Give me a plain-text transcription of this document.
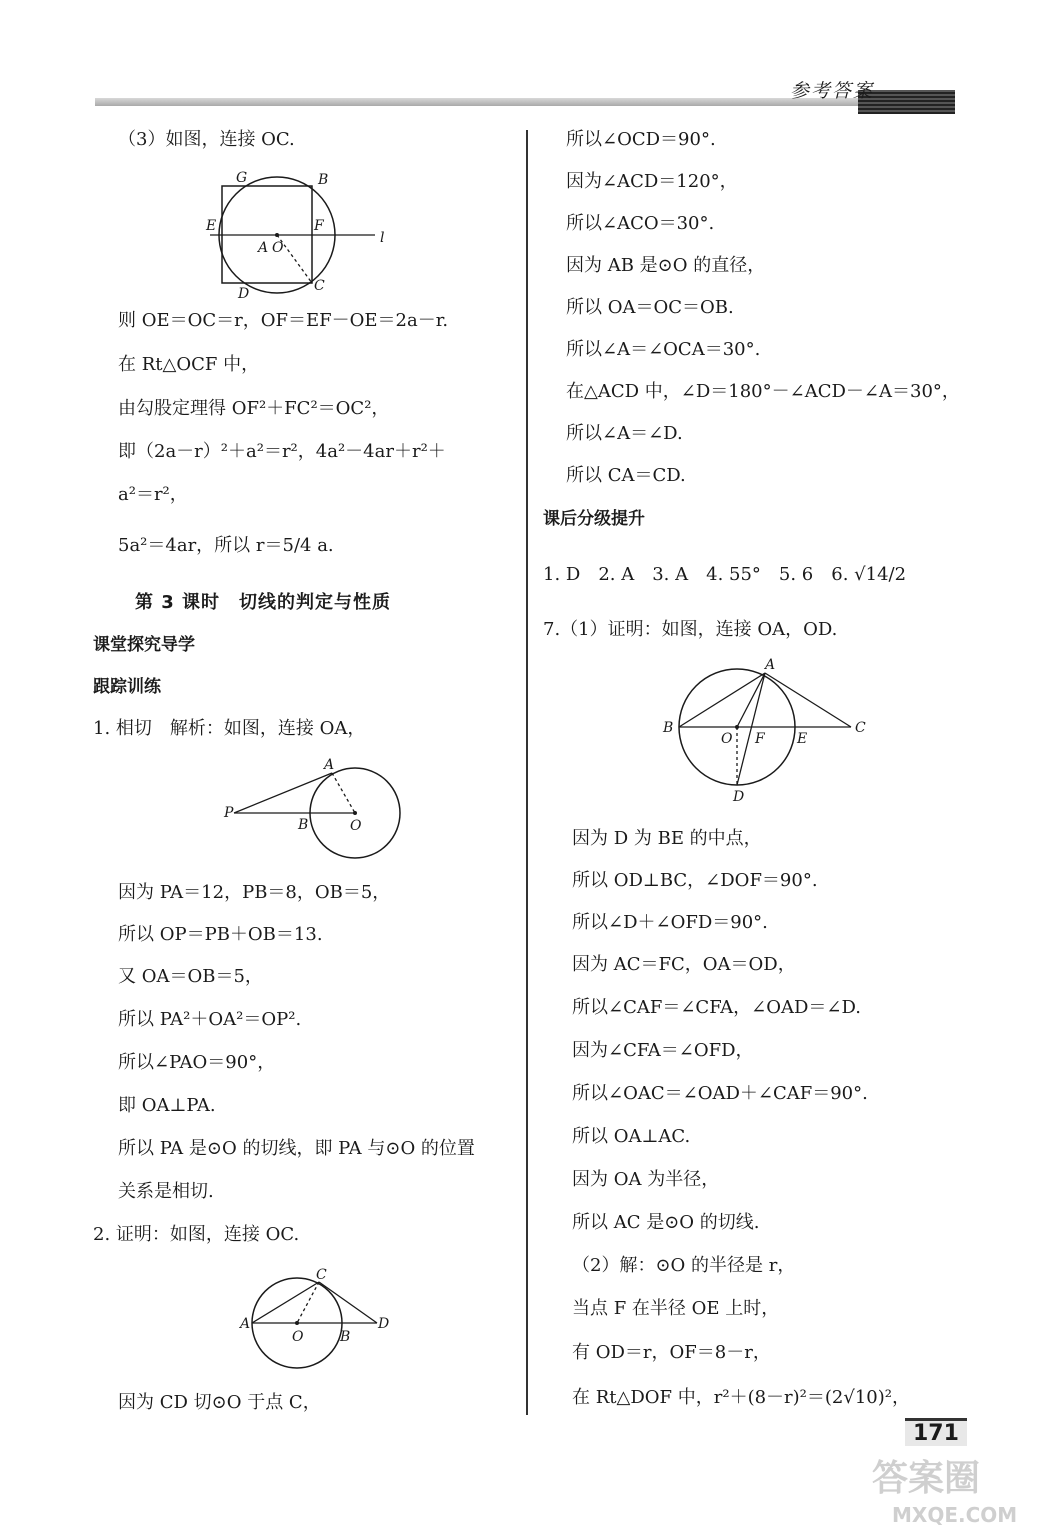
参考答案
（3）如图，连接 OC.
G	B
E	F
l
A O
D	C
则 OE＝OC＝r，OF＝EF－OE＝2a－r.
在 Rt△OCF 中，
由勾股定理得 OF²＋FC²＝OC²，
即（2a－r）²＋a²＝r²，4a²－4ar＋r²＋
a²＝r²，
5a²＝4ar，所以 r＝5/4 a.
第 3 课时　切线的判定与性质
课堂探究导学
跟踪训练
1. 相切　解析：如图，连接 OA，
P
A
B	O
因为 PA＝12，PB＝8，OB＝5，
所以 OP＝PB＋OB＝13.
又 OA＝OB＝5，
所以 PA²＋OA²＝OP².
所以∠PAO＝90°，
即 OA⊥PA.
所以 PA 是⊙O 的切线，即 PA 与⊙O 的位置
关系是相切.
2. 证明：如图，连接 OC.
C
A
O	B
D
因为 CD 切⊙O 于点 C，
所以∠OCD＝90°.
因为∠ACD＝120°，
所以∠ACO＝30°.
因为 AB 是⊙O 的直径，
所以 OA＝OC＝OB.
所以∠A＝∠OCA＝30°.
在△ACD 中，∠D＝180°－∠ACD－∠A＝30°，
所以∠A＝∠D.
所以 CA＝CD.
课后分级提升
1. D　2. A　3. A　4. 55°　5. 6　6. √14/2
7.（1）证明：如图，连接 OA，OD.
A
B
O F E
C
D
因为 D 为 BE 的中点，
所以 OD⊥BC，∠DOF＝90°.
所以∠D＋∠OFD＝90°.
因为 AC＝FC，OA＝OD，
所以∠CAF＝∠CFA，∠OAD＝∠D.
因为∠CFA＝∠OFD，
所以∠OAC＝∠OAD＋∠CAF＝90°.
所以 OA⊥AC.
因为 OA 为半径，
所以 AC 是⊙O 的切线.
（2）解：⊙O 的半径是 r，
当点 F 在半径 OE 上时，
有 OD＝r，OF＝8－r，
在 Rt△DOF 中，r²＋(8－r)²＝(2√10)²，
171
答案圈
MXQE.COM
